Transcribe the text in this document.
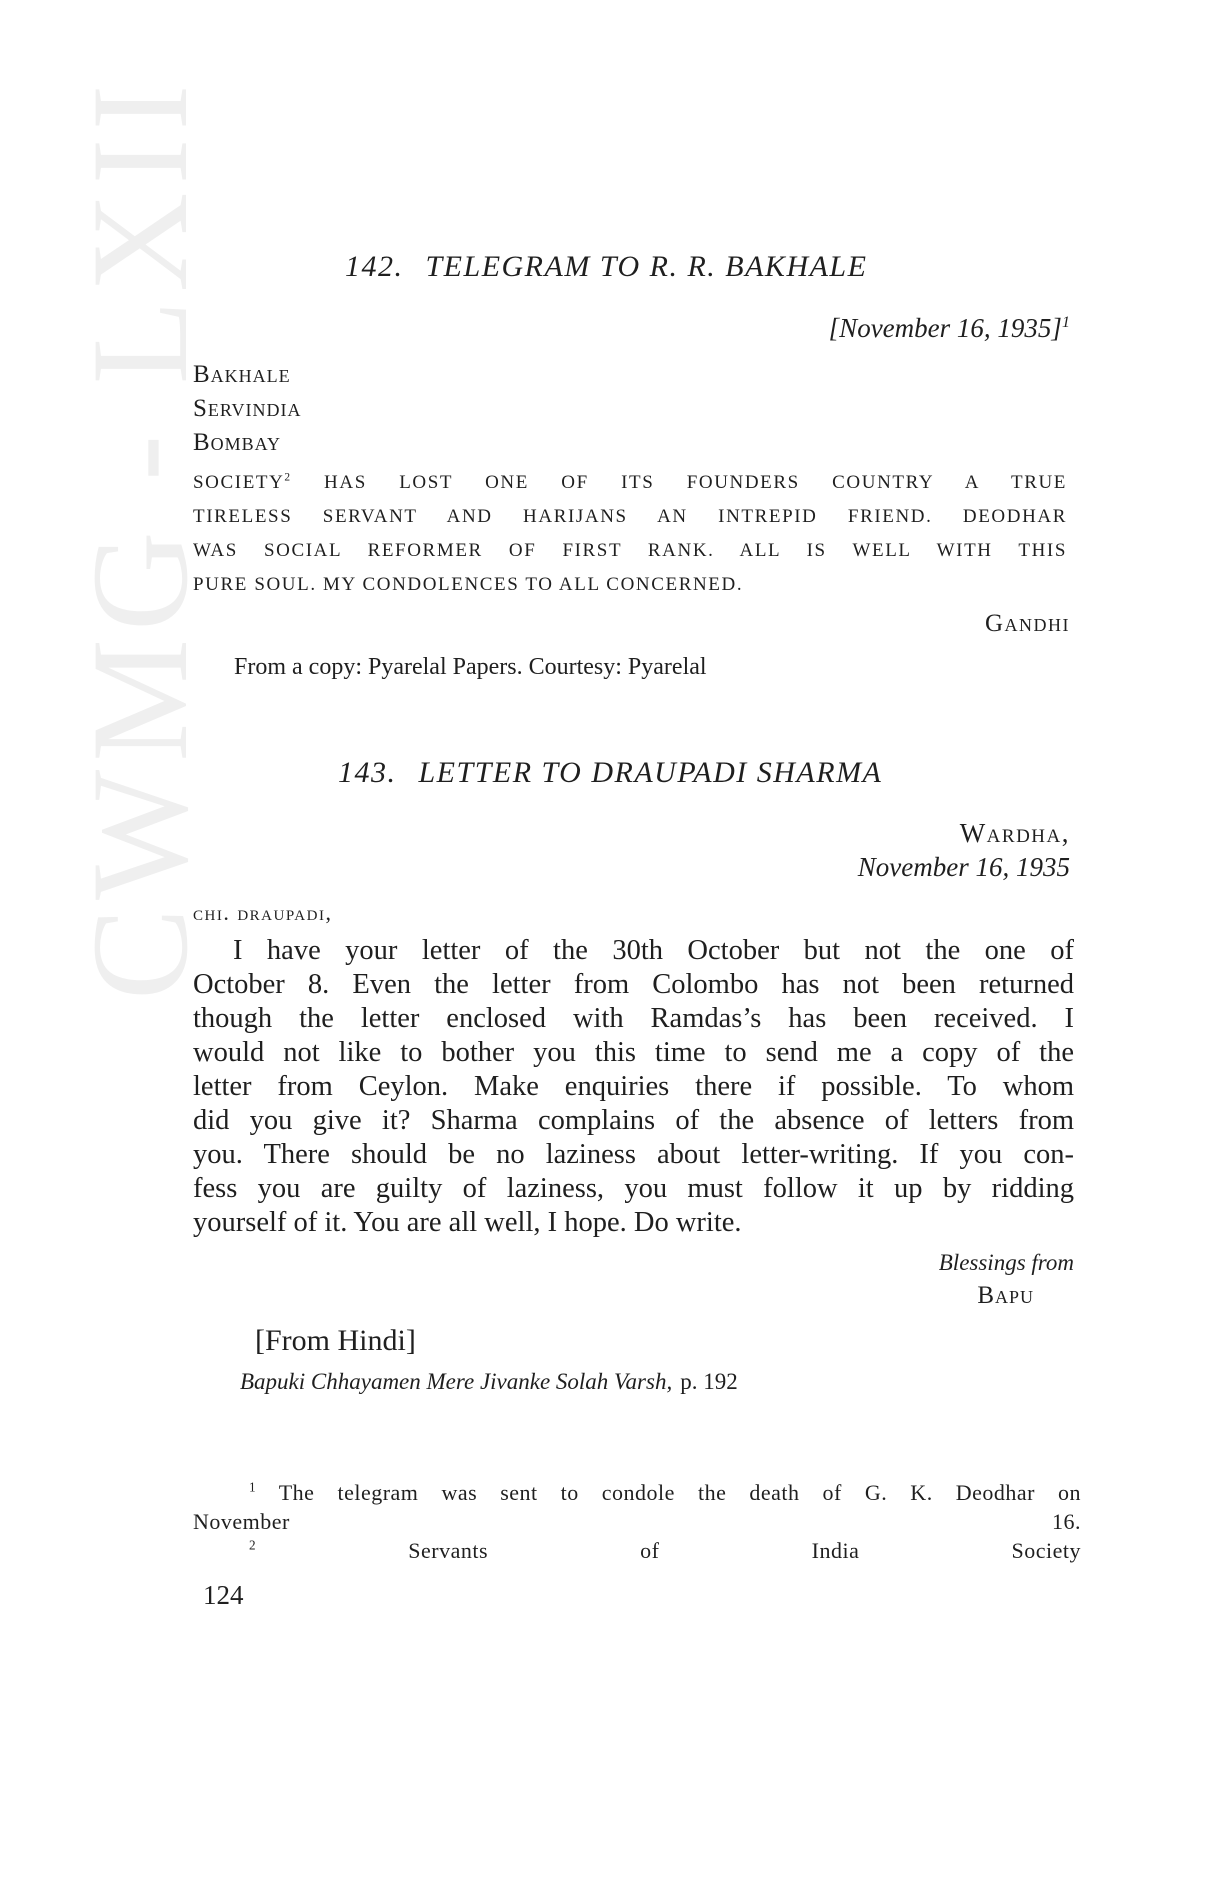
CWMG - LXII	142. TELEGRAM TO R. R. BAKHALE
[November 16, 1935]$^1$
Bakhale
Servindia
Bombay
SOCIETY$^2$ HAS LOST ONE OF ITS FOUNDERS COUNTRY A TRUE
TIRELESS SERVANT AND HARIJANS AN INTREPID FRIEND. DEODHAR
WAS SOCIAL REFORMER OF FIRST RANK. ALL IS WELL WITH THIS
PURE SOUL. MY CONDOLENCES TO ALL CONCERNED.
Gandhi
From a copy: Pyarelal Papers. Courtesy: Pyarelal
143. LETTER TO DRAUPADI SHARMA
Wardha,
November 16, 1935
chi. draupadi,
I have your letter of the 30th October but not the one of
October 8. Even the letter from Colombo has not been returned
though the letter enclosed with Ramdas’s has been received. I
would not like to bother you this time to send me a copy of the
letter from Ceylon. Make enquiries there if possible. To whom
did you give it? Sharma complains of the absence of letters from
you. There should be no laziness about letter-writing. If you con-
fess you are guilty of laziness, you must follow it up by ridding
yourself of it. You are all well, I hope. Do write.
Blessings from
Bapu
[From Hindi]
Bapuki Chhayamen Mere Jivanke Solah Varsh, p. 192
$^1$ The telegram was sent to condole the death of G. K. Deodhar on
November 16.
$^2$	Servants of India Society
124
